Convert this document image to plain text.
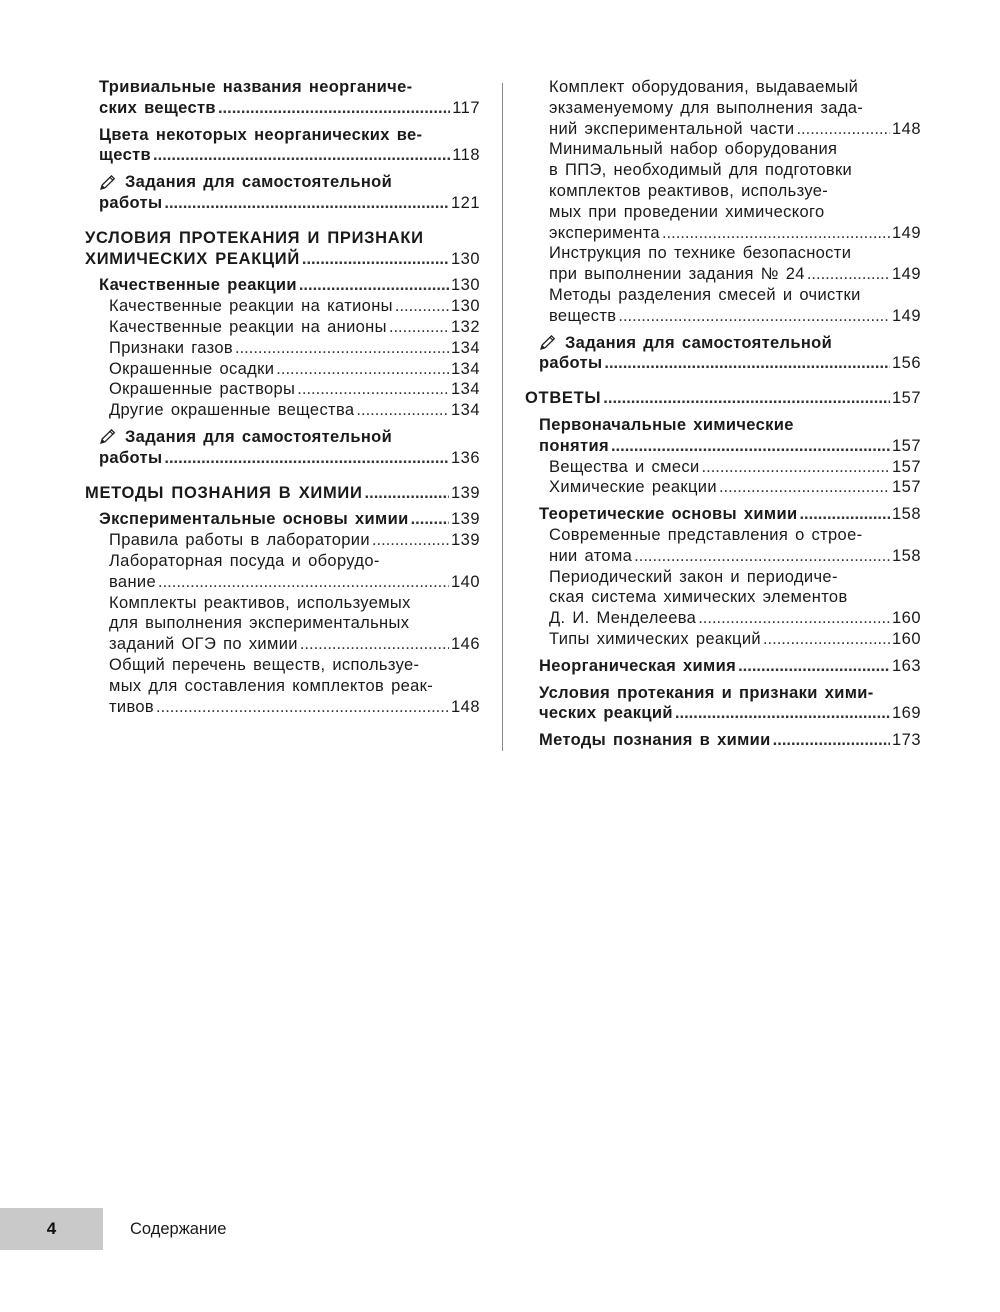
Тривиальные названия неорганиче-
ских веществ .....	117
Цвета некоторых неорганических ве-
ществ .....	118
Задания для самостоятельной
работы .....	121
УСЛОВИЯ ПРОТЕКАНИЯ И ПРИЗНАКИ
ХИМИЧЕСКИХ РЕАКЦИЙ .....	130
Качественные реакции .....	130
Качественные реакции на катионы .....	130
Качественные реакции на анионы .....	132
Признаки газов .....	134
Окрашенные осадки .....	134
Окрашенные растворы .....	134
Другие окрашенные вещества .....	134
Задания для самостоятельной
работы .....	136
МЕТОДЫ ПОЗНАНИЯ В ХИМИИ .....	139
Экспериментальные основы химии .....	139
Правила работы в лаборатории .....	139
Лабораторная посуда и оборудо-
вание .....	140
Комплекты реактивов, используемых
для выполнения экспериментальных
заданий ОГЭ по химии .....	146
Общий перечень веществ, используе-
мых для составления комплектов реак-
тивов .....	148
Комплект оборудования, выдаваемый
экзаменуемому для выполнения зада-
ний экспериментальной части .....	148
Минимальный набор оборудования
в ППЭ, необходимый для подготовки
комплектов реактивов, используе-
мых при проведении химического
эксперимента .....	149
Инструкция по технике безопасности
при выполнении задания № 24 .....	149
Методы разделения смесей и очистки
веществ .....	149
Задания для самостоятельной
работы .....	156
ОТВЕТЫ .....	157
Первоначальные химические
понятия .....	157
Вещества и смеси .....	157
Химические реакции .....	157
Теоретические основы химии .....	158
Современные представления о строе-
нии атома .....	158
Периодический закон и периодиче-
ская система химических элементов
Д. И. Менделеева .....	160
Типы химических реакций .....	160
Неорганическая химия .....	163
Условия протекания и признаки хими-
ческих реакций .....	169
Методы познания в химии .....	173
4	Содержание
